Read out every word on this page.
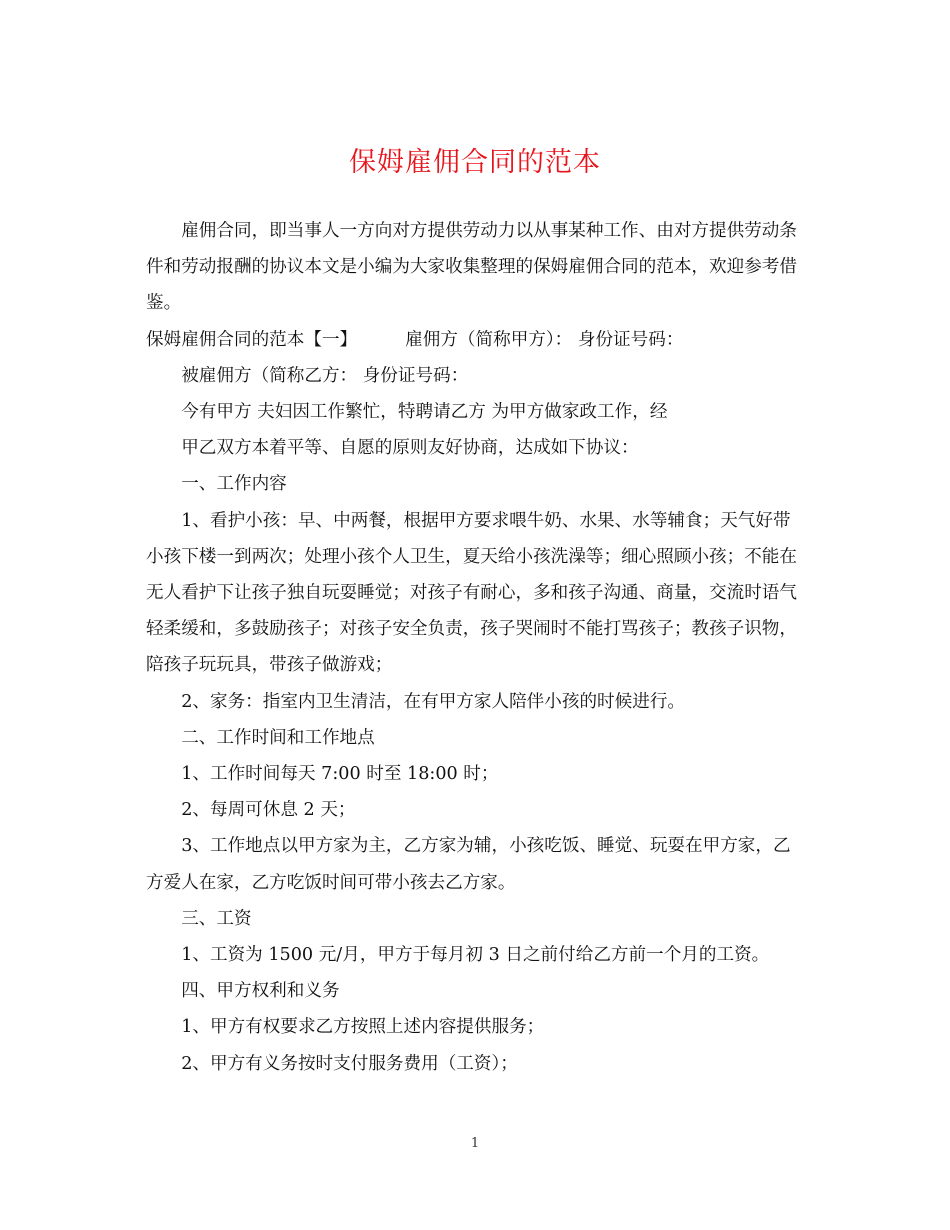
保姆雇佣合同的范本

雇佣合同，即当事人一方向对方提供劳动力以从事某种工作、由对方提供劳动条件和劳动报酬的协议本文是小编为大家收集整理的保姆雇佣合同的范本，欢迎参考借鉴。

保姆雇佣合同的范本【一】	雇佣方（简称甲方）： 身份证号码：

被雇佣方（简称乙方： 身份证号码：

今有甲方 夫妇因工作繁忙，特聘请乙方 为甲方做家政工作，经

甲乙双方本着平等、自愿的原则友好协商，达成如下协议：

一、工作内容

1、看护小孩：早、中两餐，根据甲方要求喂牛奶、水果、水等辅食；天气好带小孩下楼一到两次；处理小孩个人卫生，夏天给小孩洗澡等；细心照顾小孩；不能在无人看护下让孩子独自玩耍睡觉；对孩子有耐心，多和孩子沟通、商量，交流时语气轻柔缓和，多鼓励孩子；对孩子安全负责，孩子哭闹时不能打骂孩子；教孩子识物，陪孩子玩玩具，带孩子做游戏；

2、家务：指室内卫生清洁，在有甲方家人陪伴小孩的时候进行。

二、工作时间和工作地点

1、工作时间每天 7:00 时至 18:00 时；

2、每周可休息 2 天；

3、工作地点以甲方家为主，乙方家为辅，小孩吃饭、睡觉、玩耍在甲方家，乙方爱人在家，乙方吃饭时间可带小孩去乙方家。

三、工资

1、工资为 1500 元/月，甲方于每月初 3 日之前付给乙方前一个月的工资。

四、甲方权利和义务

1、甲方有权要求乙方按照上述内容提供服务；

2、甲方有义务按时支付服务费用（工资）；

1
